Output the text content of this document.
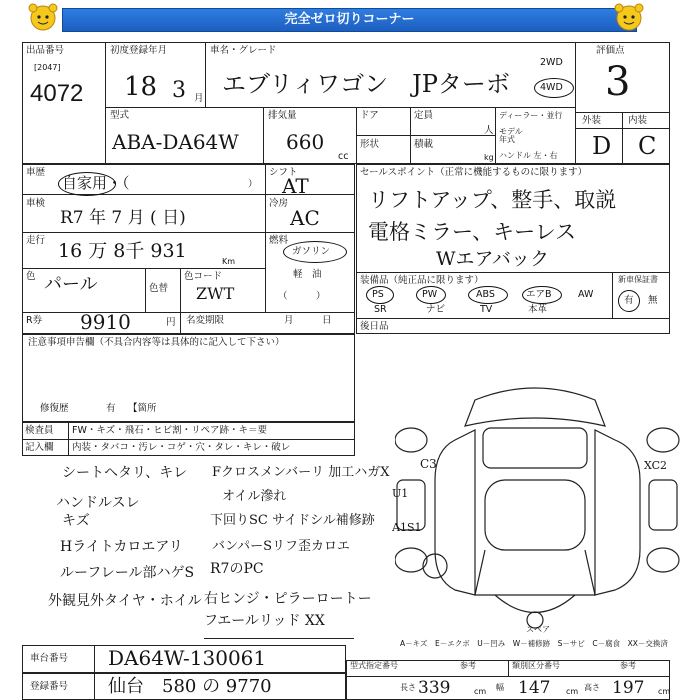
完全ゼロ切りコーナー
出品番号
[2047]
4072
初度登録年月
18 3 月
車名・グレード
エブリィワゴン　JPターボ
2WD
4WD
評価点
3
外装	内装
D C
型式
ABA-DA64W
排気量
660
cc
ドア	定員
人
形状	積載
kg
ディーラー・並行
モデル年式
ハンドル 左・右
車歴
自家用・（	）
シフト
AT
車検
R7 年 7 月 ( 日)
冷房
AC
走行 16 万 8千 931	Km
燃料
ガソリン
軽　油
（　　　）
色 パール	色替
色コード
ZWT
R券 9910	円 名変期限	月　　　日
セールスポイント（正常に機能するものに限ります）
リフトアップ、整手、取説
電格ミラー、キーレス
Wエアバック
装備品（純正品に限ります）	新車保証書
PS	PW	ABS	エアB	AW
SR	ナビ	TV	本革
有 無
後日品
注意事項申告欄（不具合内容等は具体的に記入して下さい）
修復歴	有 【箇所
検査員 FW・キズ・飛石・ヒビ割・リペア跡・キ＝要
記入欄 内装・タバコ・汚レ・コゲ・穴・タレ・キレ・破レ
シートヘタリ、キレ
ハンドルスレ
キズ
Hライトカロエアリ
ルーフレール部ハゲS
外観見外タイヤ・ホイル
Fクロスメンバーリ 加工ハガX
オイル滲れ
下回りSC サイドシル補修跡
バンパーSリフ歪カロエ
R7のPC
右ヒンジ・ピラーロートー
フエールリッド XX
C3
U1
A1S1
XC2
スペア
A－キズ　E－エクボ　U－凹み　W－補修跡　S－サビ　C－腐食　XX－交換済
車台番号 DA64W-130061
登録番号 仙台　580 の 9770
型式指定番号	参考	類別区分番号	参考
長さ 339	cm 幅 147 cm 高さ 197 cm
